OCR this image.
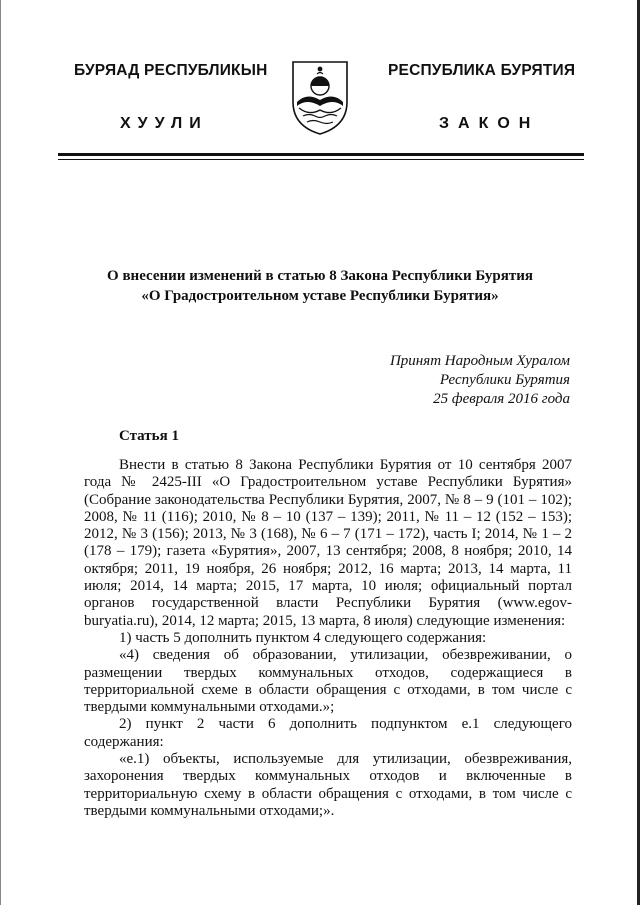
БУРЯАД РЕСПУБЛИКЫН	РЕСПУБЛИКА БУРЯТИЯ
ХУУЛИ	ЗАКОН
О внесении изменений в статью 8 Закона Республики Бурятия
«О Градостроительном уставе Республики Бурятия»
Принят Народным Хуралом
Республики Бурятия
25 февраля 2016 года
Статья 1

Внести в статью 8 Закона Республики Бурятия от 10 сентября 2007 года № 2425-III «О Градостроительном уставе Республики Бурятия» (Собрание законодательства Республики Бурятия, 2007, № 8 – 9 (101 – 102); 2008, № 11 (116); 2010, № 8 – 10 (137 – 139); 2011, № 11 – 12 (152 – 153); 2012, № 3 (156); 2013, № 3 (168), № 6 – 7 (171 – 172), часть I; 2014, № 1 – 2 (178 – 179); газета «Бурятия», 2007, 13 сентября; 2008, 8 ноября; 2010, 14 октября; 2011, 19 ноября, 26 ноября; 2012, 16 марта; 2013, 14 марта, 11 июля; 2014, 14 марта; 2015, 17 марта, 10 июля; официальный портал органов государственной власти Республики Бурятия (www.egov-buryatia.ru), 2014, 12 марта; 2015, 13 марта, 8 июля) следующие изменения:

1) часть 5 дополнить пунктом 4 следующего содержания:

«4) сведения об образовании, утилизации, обезвреживании, о размещении твердых коммунальных отходов, содержащиеся в территориальной схеме в области обращения с отходами, в том числе с твердыми коммунальными отходами.»;

2) пункт 2 части 6 дополнить подпунктом е.1 следующего содержания:

«е.1) объекты, используемые для утилизации, обезвреживания, захоронения твердых коммунальных отходов и включенные в территориальную схему в области обращения с отходами, в том числе с твердыми коммунальными отходами;».
